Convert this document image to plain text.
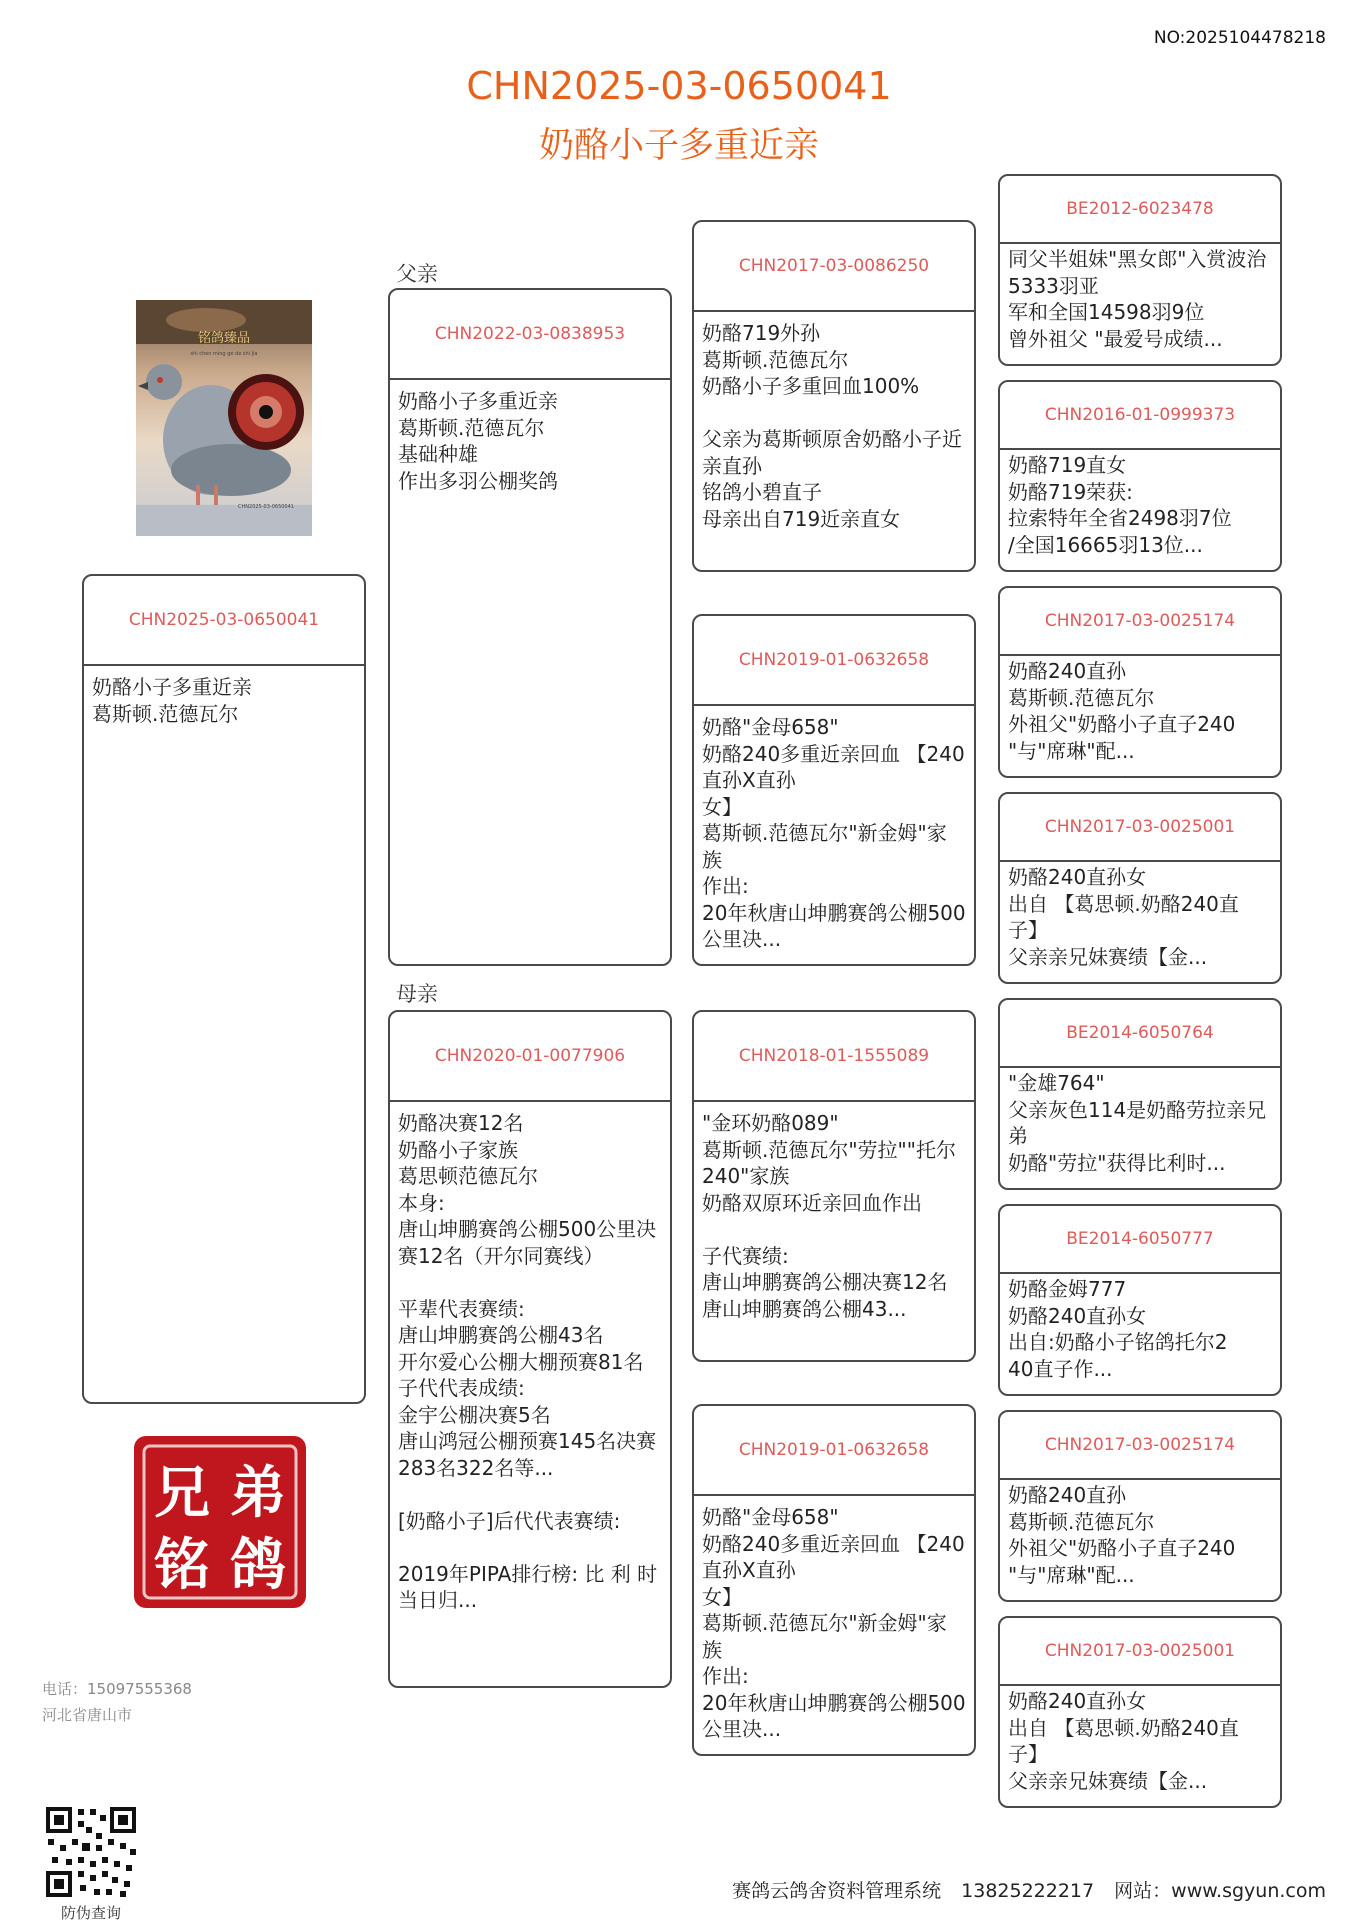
NO:2025104478218
CHN2025-03-0650041
奶酪小子多重近亲
铭鸽臻品
shi chen ming ge de shi jia
CHN2025-03-0650041
父亲
母亲
CHN2025-03-0650041
奶酪小子多重近亲
葛斯顿.范德瓦尔
CHN2022-03-0838953
奶酪小子多重近亲
葛斯顿.范德瓦尔
基础种雄
作出多羽公棚奖鸽
CHN2020-01-0077906
奶酪决赛12名
奶酪小子家族
葛思顿范德瓦尔
本身:
唐山坤鹏赛鸽公棚500公里决赛12名（开尔同赛线）

平辈代表赛绩:
唐山坤鹏赛鸽公棚43名
开尔爱心公棚大棚预赛81名
子代代表成绩:
金宇公棚决赛5名
唐山鸿冠公棚预赛145名决赛
283名322名等...

[奶酪小子]后代代表赛绩:

2019年PIPA排行榜: 比 利 时 当日归...
CHN2017-03-0086250
奶酪719外孙
葛斯顿.范德瓦尔
奶酪小子多重回血100%

父亲为葛斯顿原舍奶酪小子近亲直孙
铭鸽小碧直子
母亲出自719近亲直女
CHN2019-01-0632658
奶酪"金母658"
奶酪240多重近亲回血 【240直孙X直孙
女】
葛斯顿.范德瓦尔"新金姆"家族
作出:
20年秋唐山坤鹏赛鸽公棚500公里决...
CHN2018-01-1555089
"金环奶酪089"
葛斯顿.范德瓦尔"劳拉""托尔240"家族
奶酪双原环近亲回血作出

子代赛绩:
唐山坤鹏赛鸽公棚决赛12名
唐山坤鹏赛鸽公棚43...
CHN2019-01-0632658
奶酪"金母658"
奶酪240多重近亲回血 【240直孙X直孙
女】
葛斯顿.范德瓦尔"新金姆"家族
作出:
20年秋唐山坤鹏赛鸽公棚500公里决...
BE2012-6023478
同父半姐妹"黑女郎"入赏波治5333羽亚
军和全国14598羽9位
曾外祖父 "最爱号成绩...
CHN2016-01-0999373
奶酪719直女
奶酪719荣获:
拉索特年全省2498羽7位
/全国16665羽13位...
CHN2017-03-0025174
奶酪240直孙
葛斯顿.范德瓦尔
外祖父"奶酪小子直子240
"与"席琳"配...
CHN2017-03-0025001
奶酪240直孙女
出自 【葛思顿.奶酪240直子】
父亲亲兄妹赛绩【金...
BE2014-6050764
"金雄764"
父亲灰色114是奶酪劳拉亲兄弟
奶酪"劳拉"获得比利时...
BE2014-6050777
奶酪金姆777
奶酪240直孙女
出自:奶酪小子铭鸽托尔2
40直子作...
CHN2017-03-0025174
奶酪240直孙
葛斯顿.范德瓦尔
外祖父"奶酪小子直子240
"与"席琳"配...
CHN2017-03-0025001
奶酪240直孙女
出自 【葛思顿.奶酪240直子】
父亲亲兄妹赛绩【金...
兄 弟
铭 鸽
电话：15097555368
河北省唐山市
防伪查询
赛鸽云鸽舍资料管理系统 13825222217 网站：www.sgyun.com
